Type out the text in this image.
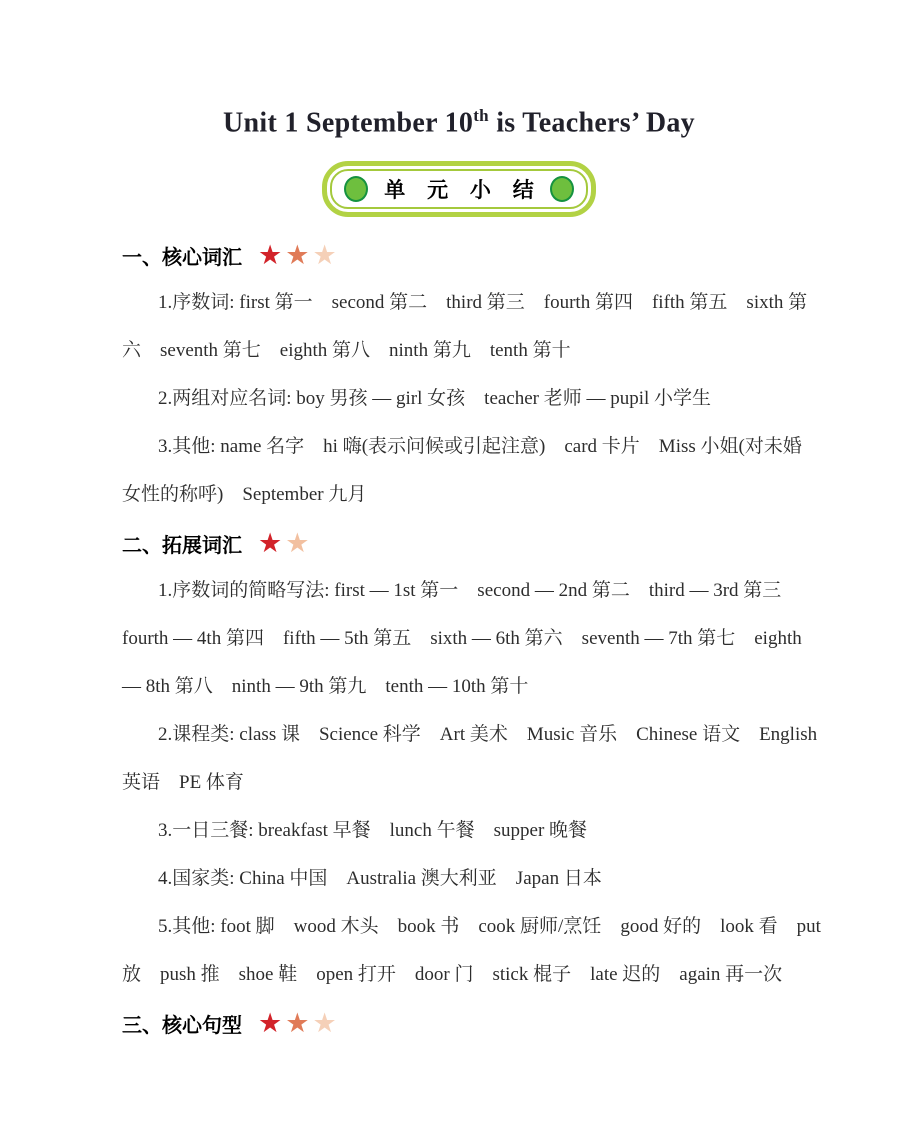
Unit 1 September 10th is Teachers’ Day
单 元 小 结
一、核心词汇 ★ ★ ★
1.序数词: first 第一　second 第二　third 第三　fourth 第四　fifth 第五　sixth 第
六　seventh 第七　eighth 第八　ninth 第九　tenth 第十
2.两组对应名词: boy 男孩 — girl 女孩　teacher 老师 — pupil 小学生
3.其他: name 名字　hi 嗨(表示问候或引起注意)　card 卡片　Miss 小姐(对未婚
女性的称呼)　September 九月
二、拓展词汇 ★ ★
1.序数词的简略写法: first — 1st 第一　second — 2nd 第二　third — 3rd 第三
fourth — 4th 第四　fifth — 5th 第五　sixth — 6th 第六　seventh — 7th 第七　eighth
— 8th 第八　ninth — 9th 第九　tenth — 10th 第十
2.课程类: class 课　Science 科学　Art 美术　Music 音乐　Chinese 语文　English
英语　PE 体育
3.一日三餐: breakfast 早餐　lunch 午餐　supper 晚餐
4.国家类: China 中国　Australia 澳大利亚　Japan 日本
5.其他: foot 脚　wood 木头　book 书　cook 厨师/烹饪　good 好的　look 看　put
放　push 推　shoe 鞋　open 打开　door 门　stick 棍子　late 迟的　again 再一次
三、核心句型 ★ ★ ★
